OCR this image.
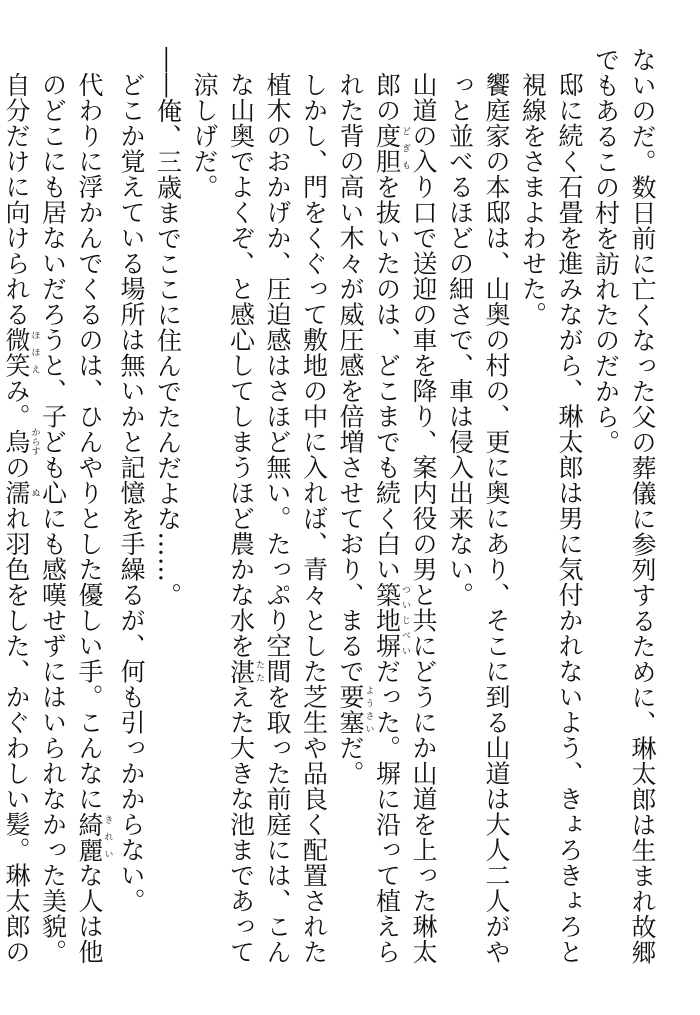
ないのだ。数日前に亡くなった父の葬儀に参列するために、琳太郎は生まれ故郷でもあるこの村を訪れたのだから。
邸に続く石畳を進みながら、琳太郎は男に気付かれないよう、きょろきょろと視線をさまよわせた。
饗庭家の本邸は、山奥の村の、更に奥にあり、そこに到る山道は大人二人がやっと並べるほどの細さで、車は侵入出来ない。
山道の入り口で送迎の車を降り、案内役の男と共にどうにか山道を上った琳太郎の度胆どぎもを抜いたのは、どこまでも続く白い築地塀ついじべいだった。塀に沿って植えられた背の高い木々が威圧感を倍増させており、まるで要塞ようさいだ。
しかし、門をくぐって敷地の中に入れば、青々とした芝生や品良く配置された植木のおかげか、圧迫感はさほど無い。たっぷり空間を取った前庭には、こんな山奥でよくぞ、と感心してしまうほど農かな水を湛たたえた大きな池まであって涼しげだ。
――俺、三歳までここに住んでたんだよな……。
どこか覚えている場所は無いかと記憶を手繰るが、何も引っかからない。
代わりに浮かんでくるのは、ひんやりとした優しい手。こんなに綺麗きれいな人は他のどこにも居ないだろうと、子ども心にも感嘆せずにはいられなかった美貌。自分だけに向けられる微笑ほほえみ。烏からすの濡ぬれ羽色をした、かぐわしい髪。琳太郎の
